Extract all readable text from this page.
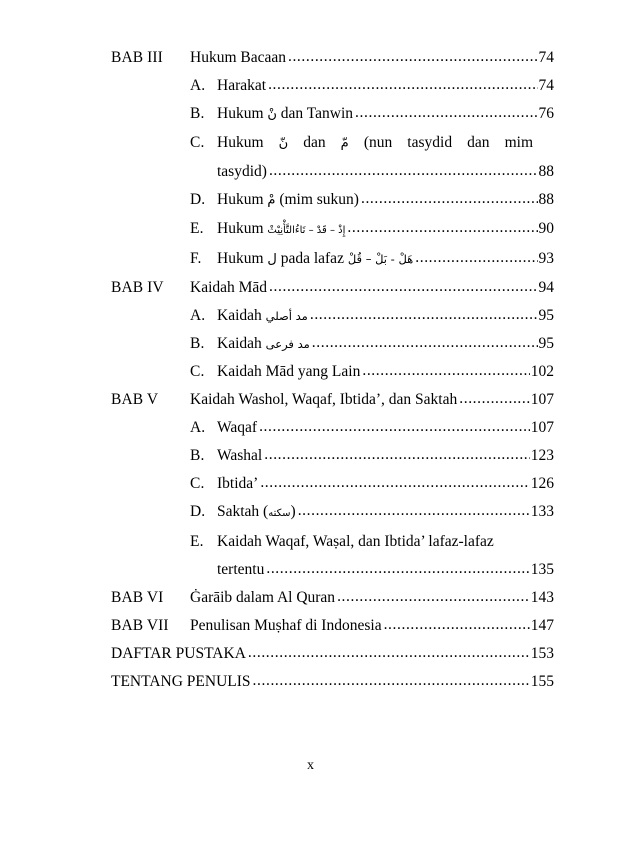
BAB III	Hukum Bacaan .....	74
A. Harakat .....	74
B. Hukum نْ dan Tanwin .....	76
C. Hukum نّ dan مّ (nun tasydid dan mim
tasydid) .....	88
D. Hukum مْ (mim sukun) .....	88
E. Hukum إِذْ – قَدْ – تَاءُالتَّأْنِيْثْ .....	90
F.	Hukum ل pada lafaz هَلْ - بَلْ – قُلْ .....	93
BAB IV	Kaidah Mād .....	94
A. Kaidah مد أصلي .....	95
B. Kaidah مد فرعى .....	95
C. Kaidah Mād yang Lain .....	102
BAB V	Kaidah Washol, Waqaf, Ibtida’, dan Saktah .....	107
A. Waqaf .....	107
B. Washal .....	123
C. Ibtida’ .....	126
D. Saktah (سكته) .....	133
E. Kaidah Waqaf, Waṣal, dan Ibtida’ lafaz-lafaz
tertentu .....	135
BAB VI	Ġarāib dalam Al Quran .....	143
BAB VII	Penulisan Muṣhaf di Indonesia .....	147
DAFTAR PUSTAKA .....	153
TENTANG PENULIS .....	155
x
